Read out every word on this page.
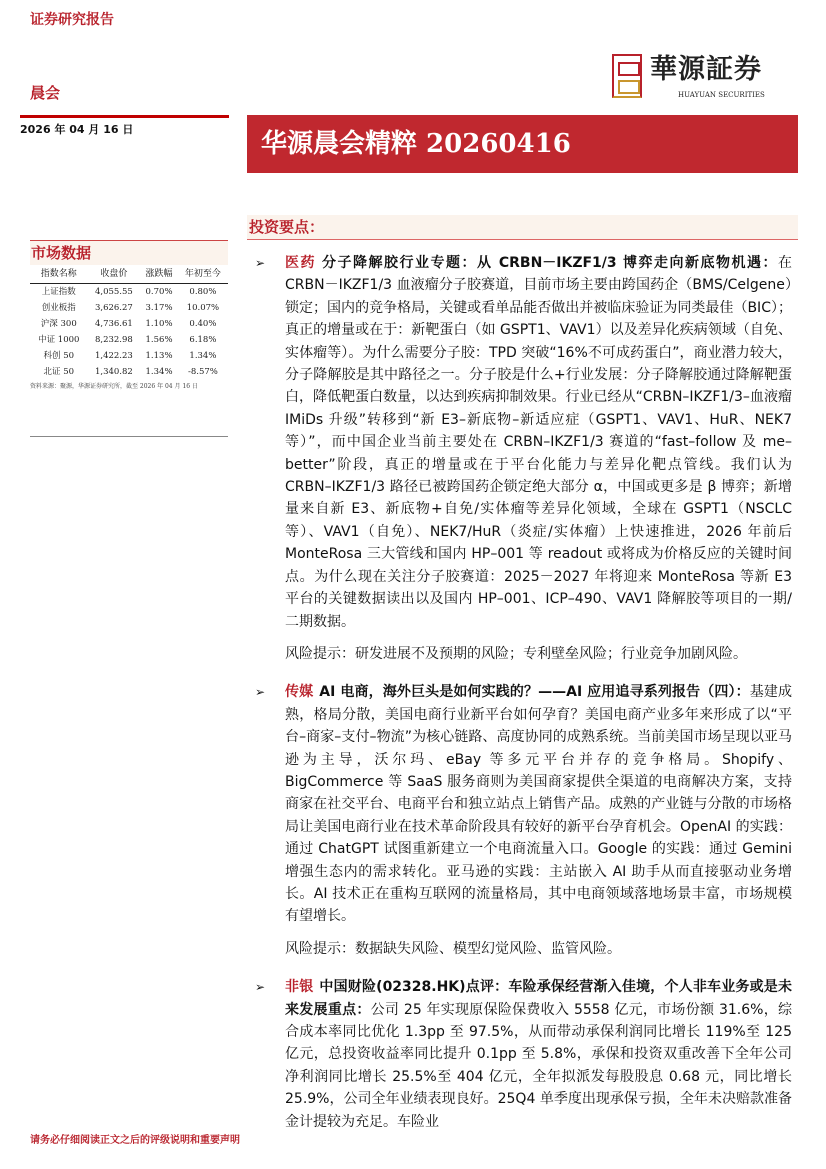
证券研究报告
晨会
2026 年 04 月 16 日	华源晨会精粹 20260416
華源証券
HUAYUAN SECURITIES
市场数据
指数名称	收盘价	涨跌幅	年初至今
上证指数	4,055.55	0.70%	0.80%
创业板指	3,626.27	3.17%	10.07%
沪深 300	4,736.61	1.10%	0.40%
中证 1000	8,232.98	1.56%	6.18%
科创 50	1,422.23	1.13%	1.34%
北证 50	1,340.82	1.34%	-8.57%
资料来源：聚源，华源证券研究所，截至 2026 年 04 月 16 日
投资要点：
➢ 医药 分子降解胶行业专题：从 CRBN－IKZF1/3 博弈走向新底物机遇：在 CRBN－IKZF1/3 血液瘤分子胶赛道，目前市场主要由跨国药企（BMS/Celgene）锁定；国内的竞争格局，关键或看单品能否做出并被临床验证为同类最佳（BIC）；真正的增量或在于：新靶蛋白（如 GSPT1、VAV1）以及差异化疾病领域（自免、实体瘤等）。为什么需要分子胶：TPD 突破“16%不可成药蛋白”，商业潜力较大，分子降解胶是其中路径之一。分子胶是什么+行业发展：分子降解胶通过降解靶蛋白，降低靶蛋白数量，以达到疾病抑制效果。行业已经从“CRBN–IKZF1/3–血液瘤 IMiDs 升级”转移到“新 E3–新底物–新适应症（GSPT1、VAV1、HuR、NEK7 等）”，而中国企业当前主要处在 CRBN–IKZF1/3 赛道的“fast–follow 及 me–better”阶段，真正的增量或在于平台化能力与差异化靶点管线。我们认为 CRBN–IKZF1/3 路径已被跨国药企锁定绝大部分 α，中国或更多是 β 博弈；新增量来自新 E3、新底物+自免/实体瘤等差异化领域，全球在 GSPT1（NSCLC 等）、VAV1（自免）、NEK7/HuR（炎症/实体瘤）上快速推进，2026 年前后 MonteRosa 三大管线和国内 HP–001 等 readout 或将成为价格反应的关键时间点。为什么现在关注分子胶赛道：2025－2027 年将迎来 MonteRosa 等新 E3 平台的关键数据读出以及国内 HP–001、ICP–490、VAV1 降解胶等项目的一期/二期数据。
风险提示：研发进展不及预期的风险；专利壁垒风险；行业竞争加剧风险。
➢ 传媒 AI 电商，海外巨头是如何实践的？——AI 应用追寻系列报告（四）：基建成熟，格局分散，美国电商行业新平台如何孕育？美国电商产业多年来形成了以“平台–商家–支付–物流”为核心链路、高度协同的成熟系统。当前美国市场呈现以亚马逊为主导，沃尔玛、eBay 等多元平台并存的竞争格局。Shopify、BigCommerce 等 SaaS 服务商则为美国商家提供全渠道的电商解决方案，支持商家在社交平台、电商平台和独立站点上销售产品。成熟的产业链与分散的市场格局让美国电商行业在技术革命阶段具有较好的新平台孕育机会。OpenAI 的实践：通过 ChatGPT 试图重新建立一个电商流量入口。Google 的实践：通过 Gemini 增强生态内的需求转化。亚马逊的实践：主站嵌入 AI 助手从而直接驱动业务增长。AI 技术正在重构互联网的流量格局，其中电商领域落地场景丰富，市场规模有望增长。
风险提示：数据缺失风险、模型幻觉风险、监管风险。
➢ 非银 中国财险(02328.HK)点评：车险承保经营渐入佳境，个人非车业务或是未来发展重点：公司 25 年实现原保险保费收入 5558 亿元，市场份额 31.6%，综合成本率同比优化 1.3pp 至 97.5%，从而带动承保利润同比增长 119%至 125 亿元，总投资收益率同比提升 0.1pp 至 5.8%，承保和投资双重改善下全年公司净利润同比增长 25.5%至 404 亿元，全年拟派发每股股息 0.68 元，同比增长 25.9%，公司全年业绩表现良好。25Q4 单季度出现承保亏损，全年未决赔款准备金计提较为充足。车险业
请务必仔细阅读正文之后的评级说明和重要声明
